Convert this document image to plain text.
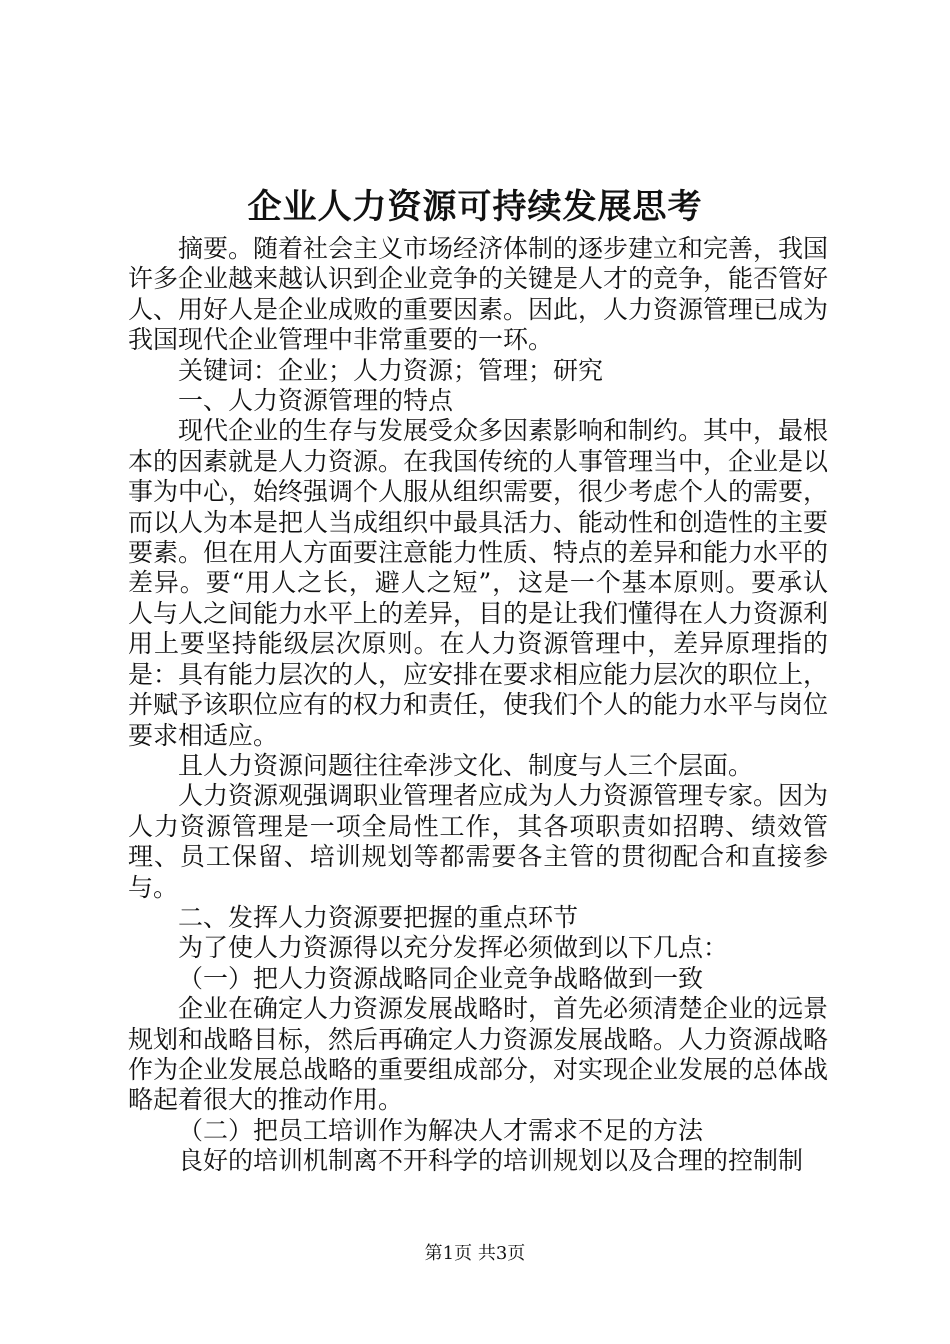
企业人力资源可持续发展思考

摘要。随着社会主义市场经济体制的逐步建立和完善，我国许多企业越来越认识到企业竞争的关键是人才的竞争，能否管好人、用好人是企业成败的重要因素。因此，人力资源管理已成为我国现代企业管理中非常重要的一环。

关键词：企业；人力资源；管理；研究

一、人力资源管理的特点

现代企业的生存与发展受众多因素影响和制约。其中，最根本的因素就是人力资源。在我国传统的人事管理当中，企业是以事为中心，始终强调个人服从组织需要，很少考虑个人的需要，而以人为本是把人当成组织中最具活力、能动性和创造性的主要要素。但在用人方面要注意能力性质、特点的差异和能力水平的差异。要“用人之长，避人之短”，这是一个基本原则。要承认人与人之间能力水平上的差异，目的是让我们懂得在人力资源利用上要坚持能级层次原则。在人力资源管理中，差异原理指的是：具有能力层次的人，应安排在要求相应能力层次的职位上，并赋予该职位应有的权力和责任，使我们个人的能力水平与岗位要求相适应。

且人力资源问题往往牵涉文化、制度与人三个层面。

人力资源观强调职业管理者应成为人力资源管理专家。因为人力资源管理是一项全局性工作，其各项职责如招聘、绩效管理、员工保留、培训规划等都需要各主管的贯彻配合和直接参与。

二、发挥人力资源要把握的重点环节

为了使人力资源得以充分发挥必须做到以下几点：

（一）把人力资源战略同企业竞争战略做到一致

企业在确定人力资源发展战略时，首先必须清楚企业的远景规划和战略目标，然后再确定人力资源发展战略。人力资源战略作为企业发展总战略的重要组成部分，对实现企业发展的总体战略起着很大的推动作用。

（二）把员工培训作为解决人才需求不足的方法

良好的培训机制离不开科学的培训规划以及合理的控制制

第1页 共3页
